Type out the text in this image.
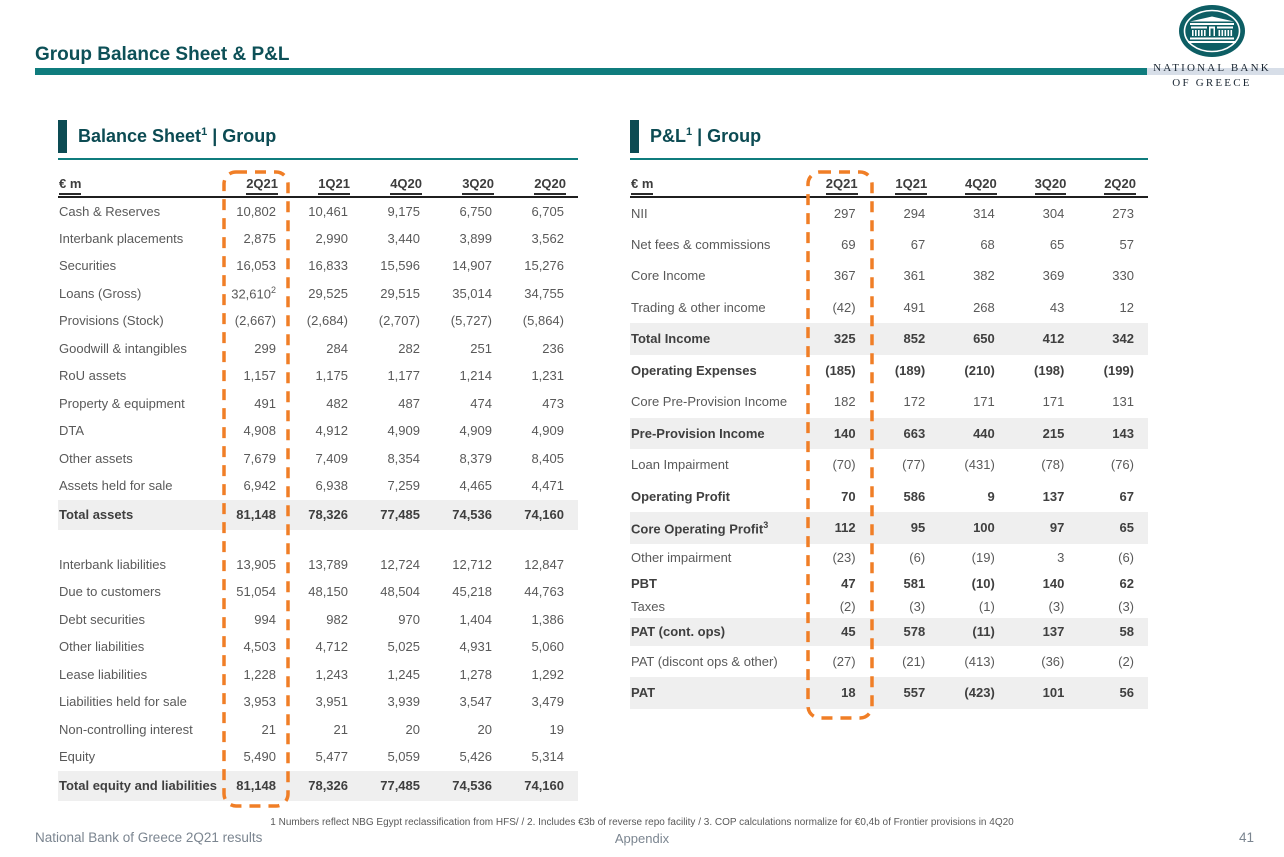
Group Balance Sheet & P&L
NATIONAL BANK
OF GREECE
Balance Sheet$^1$ | Group
€ m	2Q21	1Q21	4Q20	3Q20	2Q20
Cash & Reserves	10,802	10,461	9,175	6,750	6,705
Interbank placements	2,875	2,990	3,440	3,899	3,562
Securities	16,053	16,833	15,596	14,907	15,276
Loans (Gross)	32,610$^2$	29,525	29,515	35,014	34,755
Provisions (Stock)	(2,667)	(2,684)	(2,707)	(5,727)	(5,864)
Goodwill & intangibles	299	284	282	251	236
RoU assets	1,157	1,175	1,177	1,214	1,231
Property & equipment	491	482	487	474	473
DTA	4,908	4,912	4,909	4,909	4,909
Other assets	7,679	7,409	8,354	8,379	8,405
Assets held for sale	6,942	6,938	7,259	4,465	4,471
Total assets	81,148	78,326	77,485	74,536	74,160

Interbank liabilities	13,905	13,789	12,724	12,712	12,847
Due to customers	51,054	48,150	48,504	45,218	44,763
Debt securities	994	982	970	1,404	1,386
Other liabilities	4,503	4,712	5,025	4,931	5,060
Lease liabilities	1,228	1,243	1,245	1,278	1,292
Liabilities held for sale	3,953	3,951	3,939	3,547	3,479
Non-controlling interest	21	21	20	20	19
Equity	5,490	5,477	5,059	5,426	5,314
Total equity and liabilities	81,148	78,326	77,485	74,536	74,160
$P\&L^1$ | Group
€ m	2Q21	1Q21	4Q20	3Q20	2Q20
NII	297	294	314	304	273
Net fees & commissions	69	67	68	65	57
Core Income	367	361	382	369	330
Trading & other income	(42)	491	268	43	12
Total Income	325	852	650	412	342
Operating Expenses	(185)	(189)	(210)	(198)	(199)
Core Pre-Provision Income	182	172	171	171	131
Pre-Provision Income	140	663	440	215	143
Loan Impairment	(70)	(77)	(431)	(78)	(76)
Operating Profit	70	586	9	137	67
Core Operating Profit$^3$	112	95	100	97	65
Other impairment	(23)	(6)	(19)	3	(6)
PBT	47	581	(10)	140	62
Taxes	(2)	(3)	(1)	(3)	(3)
PAT (cont. ops)	45	578	(11)	137	58
PAT (discont ops & other)	(27)	(21)	(413)	(36)	(2)
PAT	18	557	(423)	101	56
1 Numbers reflect NBG Egypt reclassification from HFS/ / 2. Includes €3b of reverse repo facility / 3. COP calculations normalize for €0,4b of Frontier provisions in 4Q20
National Bank of Greece 2Q21 results	Appendix	41
